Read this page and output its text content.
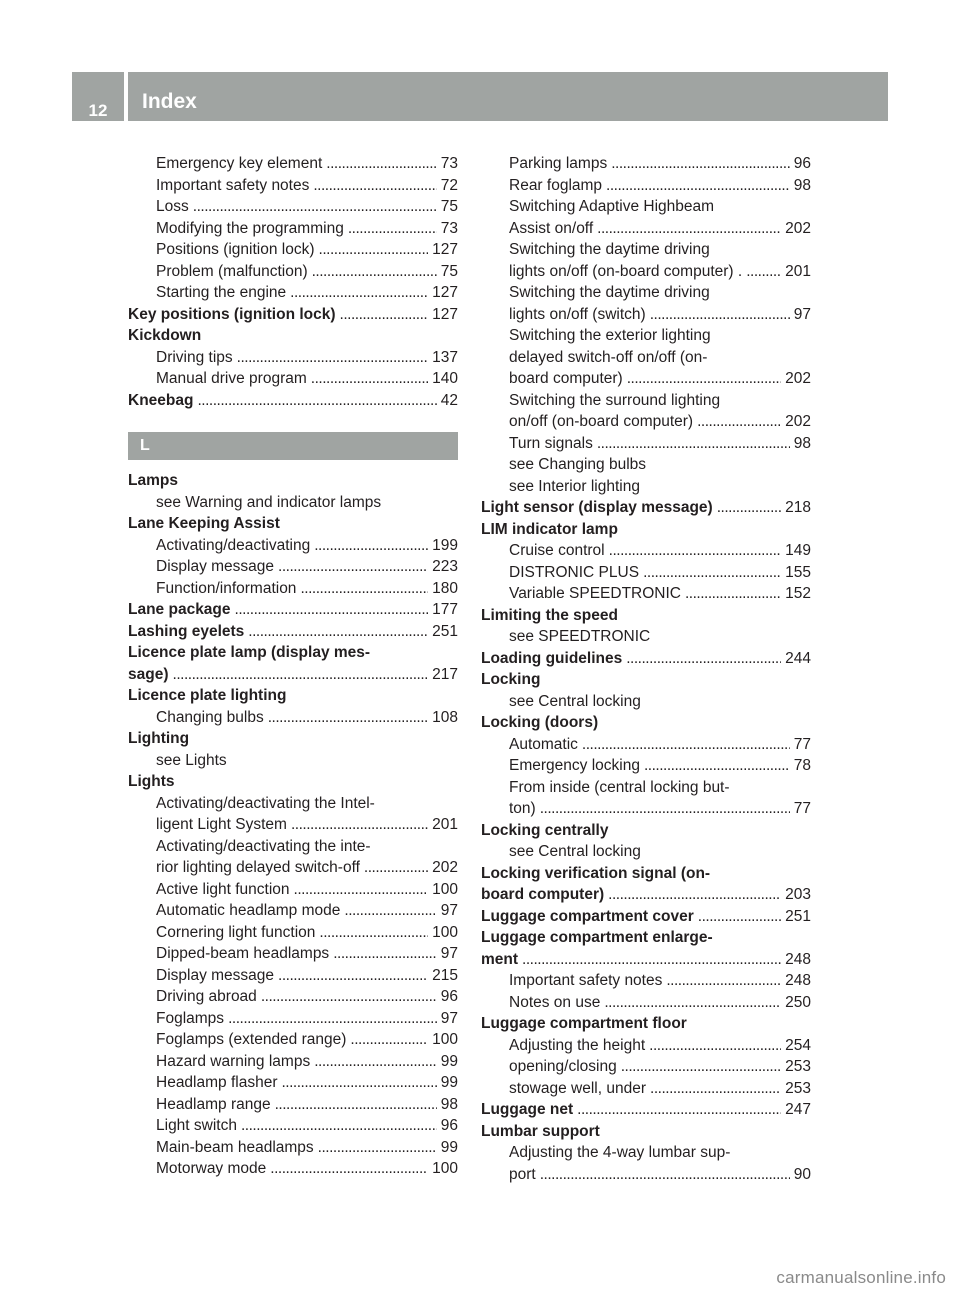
12	Index
Emergency key element . . .	73
Important safety notes . . .	72
Loss . . .	75
Modifying the programming . . .	73
Positions (ignition lock) . . .	127
Problem (malfunction) . . .	75
Starting the engine . . .	127
Key positions (ignition lock) . . .	127
Kickdown
Driving tips . . .	137
Manual drive program . . .	140
Kneebag . . .	42
L
Lamps
see Warning and indicator lamps
Lane Keeping Assist
Activating/deactivating . . .	199
Display message . . .	223
Function/information . . .	180
Lane package . . .	177
Lashing eyelets . . .	251
Licence plate lamp (display mes-
sage) . . .	217
Licence plate lighting
Changing bulbs . . .	108
Lighting
see Lights
Lights
Activating/deactivating the Intel-
ligent Light System . . .	201
Activating/deactivating the inte-
rior lighting delayed switch-off . . .	202
Active light function . . .	100
Automatic headlamp mode . . .	97
Cornering light function . . .	100
Dipped-beam headlamps . . .	97
Display message . . .	215
Driving abroad . . .	96
Foglamps . . .	97
Foglamps (extended range) . . .	100
Hazard warning lamps . . .	99
Headlamp flasher . . .	99
Headlamp range . . .	98
Light switch . . .	96
Main-beam headlamps . . .	99
Motorway mode . . .	100
Parking lamps . . .	96
Rear foglamp . . .	98
Switching Adaptive Highbeam
Assist on/off . . .	202
Switching the daytime driving
lights on/off (on-board computer) . . . .	201
Switching the daytime driving
lights on/off (switch) . . .	97
Switching the exterior lighting
delayed switch-off on/off (on-
board computer) . . .	202
Switching the surround lighting
on/off (on-board computer) . . .	202
Turn signals . . .	98
see Changing bulbs
see Interior lighting
Light sensor (display message) . . .	218
LIM indicator lamp
Cruise control . . .	149
DISTRONIC PLUS . . .	155
Variable SPEEDTRONIC . . .	152
Limiting the speed
see SPEEDTRONIC
Loading guidelines . . .	244
Locking
see Central locking
Locking (doors)
Automatic . . .	77
Emergency locking . . .	78
From inside (central locking but-
ton) . . .	77
Locking centrally
see Central locking
Locking verification signal (on-
board computer) . . .	203
Luggage compartment cover . . .	251
Luggage compartment enlarge-
ment . . .	248
Important safety notes . . .	248
Notes on use . . .	250
Luggage compartment floor
Adjusting the height . . .	254
opening/closing . . .	253
stowage well, under . . .	253
Luggage net . . .	247
Lumbar support
Adjusting the 4-way lumbar sup-
port . . .	90
carmanualsonline.info
